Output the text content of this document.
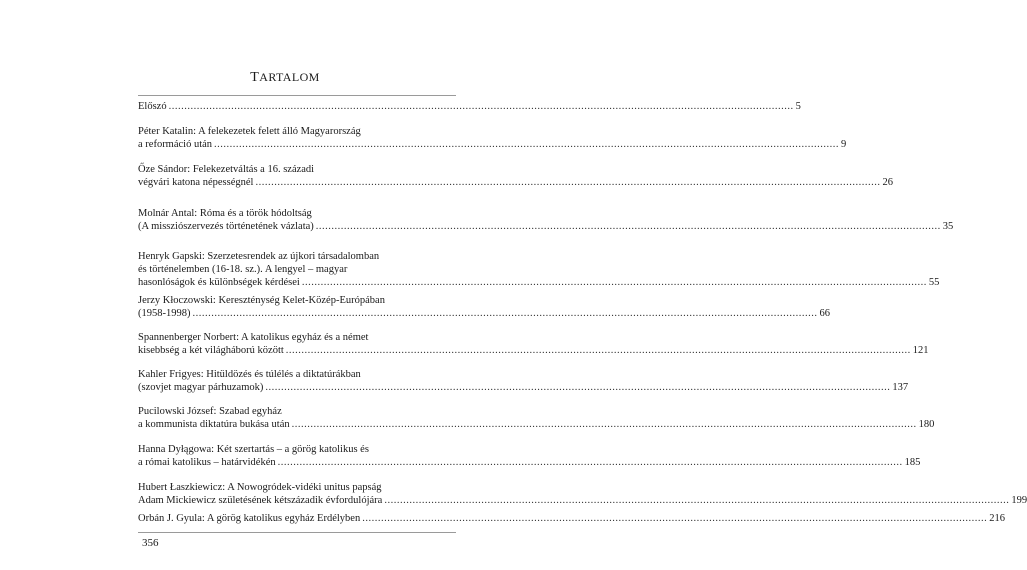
TARTALOM
Előszó ........................................................................................................................................................................................................ 5
Péter Katalin: A felekezetek felett álló Magyarország
a reformáció után ........................................................................................................................................................................................................ 9
Őze Sándor: Felekezetváltás a 16. századi
végvári katona népességnél ........................................................................................................................................................................................................ 26
Molnár Antal: Róma és a török hódoltság
(A missziószervezés történetének vázlata) ........................................................................................................................................................................................................ 35
Henryk Gapski: Szerzetesrendek az újkori társadalomban
és történelemben (16-18. sz.). A lengyel – magyar
hasonlóságok és különbségek kérdései ........................................................................................................................................................................................................ 55
Jerzy Kłoczowski: Kereszténység Kelet-Közép-Európában
(1958-1998) ........................................................................................................................................................................................................ 66
Spannenberger Norbert: A katolikus egyház és a német
kisebbség a két világháború között ........................................................................................................................................................................................................ 121
Kahler Frigyes: Hitüldözés és túlélés a diktatúrákban
(szovjet magyar párhuzamok) ........................................................................................................................................................................................................ 137
Pucilowski József: Szabad egyház
a kommunista diktatúra bukása után ........................................................................................................................................................................................................ 180
Hanna Dyłągowa: Két szertartás – a görög katolikus és
a római katolikus – határvidékén ........................................................................................................................................................................................................ 185
Hubert Łaszkiewicz: A Nowogródek-vidéki unitus papság
Adam Mickiewicz születésének kétszázadik évfordulójára ........................................................................................................................................................................................................ 199
Orbán J. Gyula: A görög katolikus egyház Erdélyben ........................................................................................................................................................................................................ 216
356
